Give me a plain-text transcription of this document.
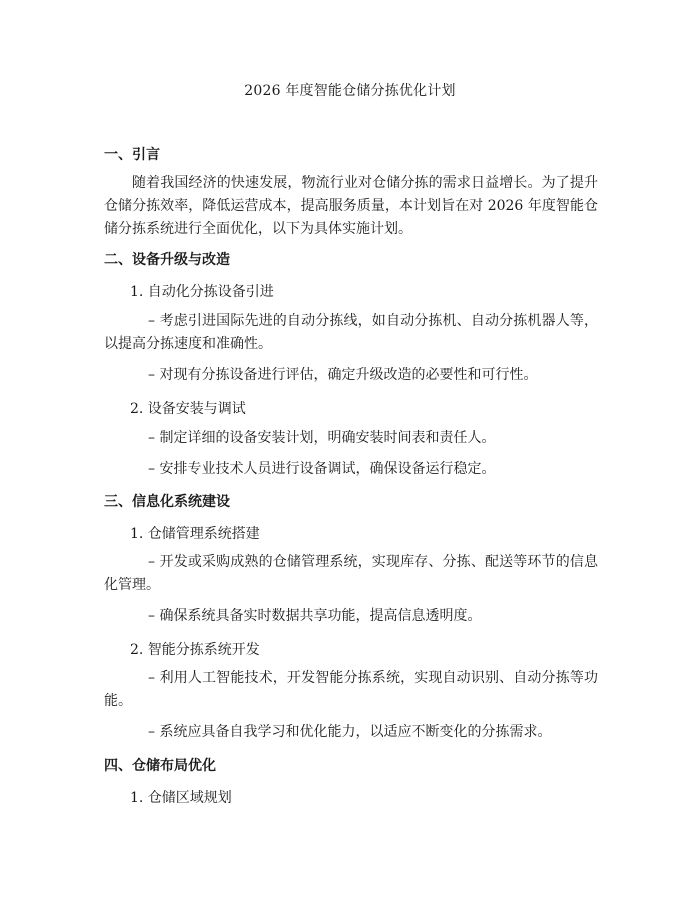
2026 年度智能仓储分拣优化计划
一、引言
随着我国经济的快速发展，物流行业对仓储分拣的需求日益增长。为了提升仓储分拣效率，降低运营成本，提高服务质量，本计划旨在对 2026 年度智能仓储分拣系统进行全面优化，以下为具体实施计划。
二、设备升级与改造
1. 自动化分拣设备引进
– 考虑引进国际先进的自动分拣线，如自动分拣机、自动分拣机器人等，以提高分拣速度和准确性。
– 对现有分拣设备进行评估，确定升级改造的必要性和可行性。
2. 设备安装与调试
– 制定详细的设备安装计划，明确安装时间表和责任人。
– 安排专业技术人员进行设备调试，确保设备运行稳定。
三、信息化系统建设
1. 仓储管理系统搭建
– 开发或采购成熟的仓储管理系统，实现库存、分拣、配送等环节的信息化管理。
– 确保系统具备实时数据共享功能，提高信息透明度。
2. 智能分拣系统开发
– 利用人工智能技术，开发智能分拣系统，实现自动识别、自动分拣等功能。
– 系统应具备自我学习和优化能力，以适应不断变化的分拣需求。
四、仓储布局优化
1. 仓储区域规划
